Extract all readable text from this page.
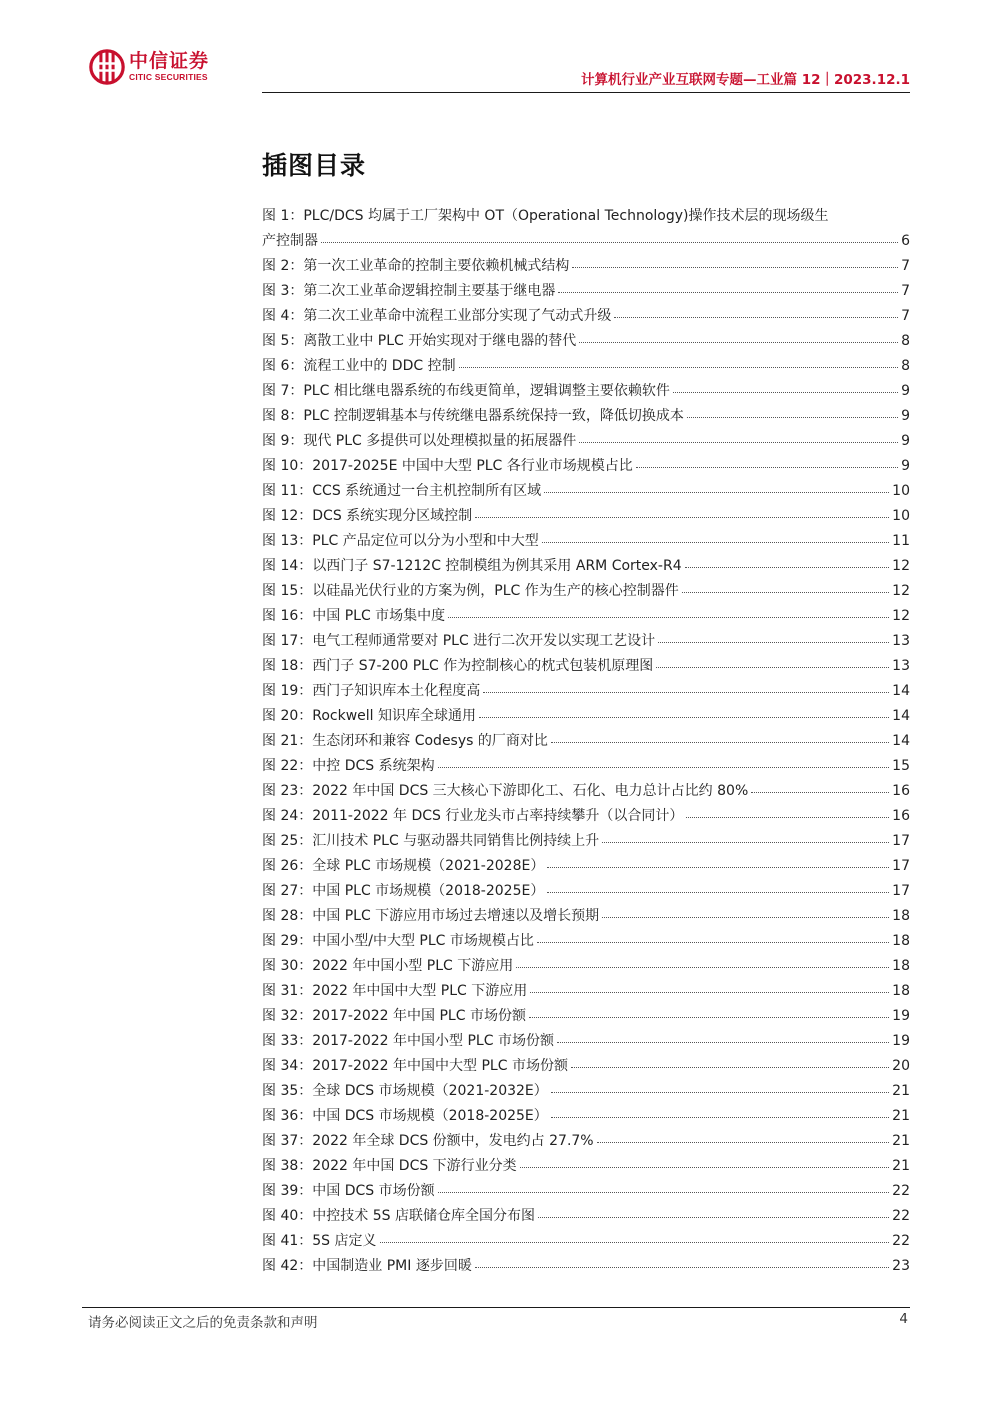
中信证券
CITIC SECURITIES	计算机行业产业互联网专题—工业篇 12｜2023.12.1
插图目录
图 1：PLC/DCS 均属于工厂架构中 OT（Operational Technology)操作技术层的现场级生
产控制器	6
图 2：第一次工业革命的控制主要依赖机械式结构	7
图 3：第二次工业革命逻辑控制主要基于继电器	7
图 4：第二次工业革命中流程工业部分实现了气动式升级	7
图 5：离散工业中 PLC 开始实现对于继电器的替代	8
图 6：流程工业中的 DDC 控制	8
图 7：PLC 相比继电器系统的布线更简单，逻辑调整主要依赖软件	9
图 8：PLC 控制逻辑基本与传统继电器系统保持一致，降低切换成本	9
图 9：现代 PLC 多提供可以处理模拟量的拓展器件	9
图 10：2017-2025E 中国中大型 PLC 各行业市场规模占比	9
图 11：CCS 系统通过一台主机控制所有区域	10
图 12：DCS 系统实现分区域控制	10
图 13：PLC 产品定位可以分为小型和中大型	11
图 14：以西门子 S7-1212C 控制模组为例其采用 ARM Cortex-R4	12
图 15：以硅晶光伏行业的方案为例，PLC 作为生产的核心控制器件	12
图 16：中国 PLC 市场集中度	12
图 17：电气工程师通常要对 PLC 进行二次开发以实现工艺设计	13
图 18：西门子 S7-200 PLC 作为控制核心的枕式包装机原理图	13
图 19：西门子知识库本土化程度高	14
图 20：Rockwell 知识库全球通用	14
图 21：生态闭环和兼容 Codesys 的厂商对比	14
图 22：中控 DCS 系统架构	15
图 23：2022 年中国 DCS 三大核心下游即化工、石化、电力总计占比约 80%	16
图 24：2011-2022 年 DCS 行业龙头市占率持续攀升（以合同计）	16
图 25：汇川技术 PLC 与驱动器共同销售比例持续上升	17
图 26：全球 PLC 市场规模（2021-2028E）	17
图 27：中国 PLC 市场规模（2018-2025E）	17
图 28：中国 PLC 下游应用市场过去增速以及增长预期	18
图 29：中国小型/中大型 PLC 市场规模占比	18
图 30：2022 年中国小型 PLC 下游应用	18
图 31：2022 年中国中大型 PLC 下游应用	18
图 32：2017-2022 年中国 PLC 市场份额	19
图 33：2017-2022 年中国小型 PLC 市场份额	19
图 34：2017-2022 年中国中大型 PLC 市场份额	20
图 35：全球 DCS 市场规模（2021-2032E）	21
图 36：中国 DCS 市场规模（2018-2025E）	21
图 37：2022 年全球 DCS 份额中，发电约占 27.7%	21
图 38：2022 年中国 DCS 下游行业分类	21
图 39：中国 DCS 市场份额	22
图 40：中控技术 5S 店联储仓库全国分布图	22
图 41：5S 店定义	22
图 42：中国制造业 PMI 逐步回暖	23
请务必阅读正文之后的免责条款和声明	4
